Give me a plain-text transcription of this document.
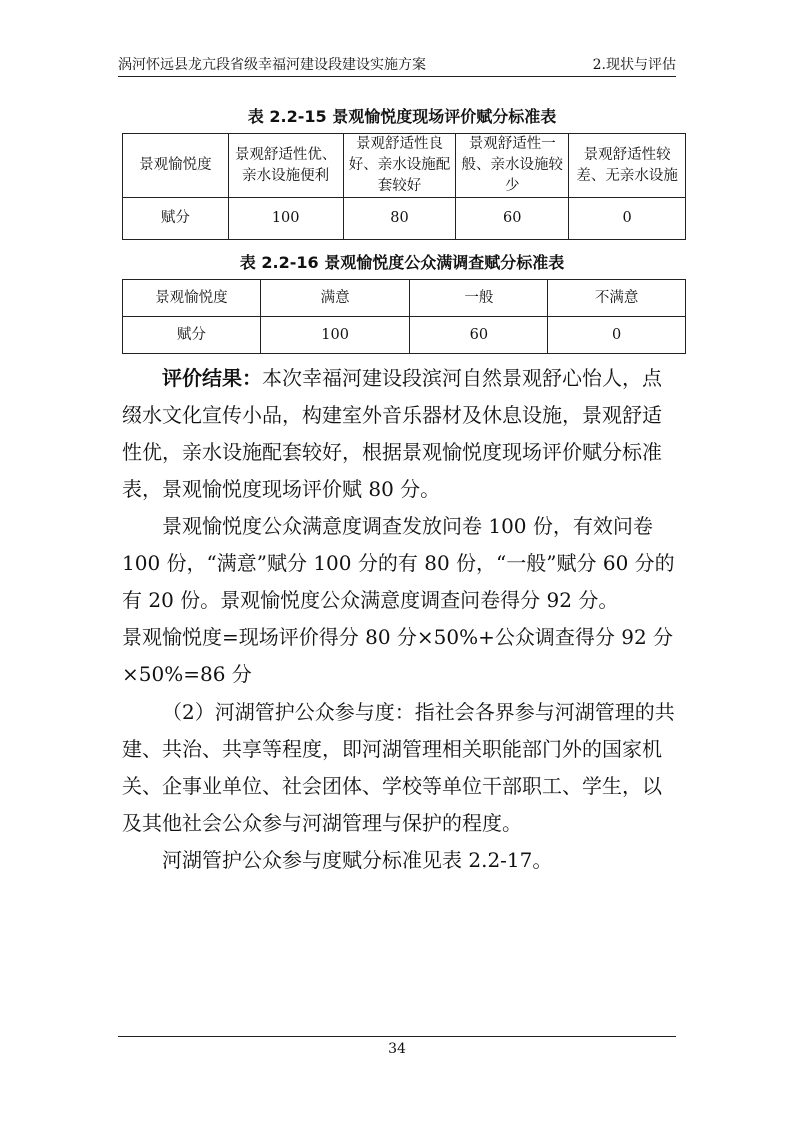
涡河怀远县龙亢段省级幸福河建设段建设实施方案	2.现状与评估
表 2.2-15 景观愉悦度现场评价赋分标准表
景观愉悦度	景观舒适性优、亲水设施便利	景观舒适性良好、亲水设施配套较好	景观舒适性一般、亲水设施较少	景观舒适性较差、无亲水设施
赋分	100	80	60	0
表 2.2-16 景观愉悦度公众满调查赋分标准表
景观愉悦度	满意	一般	不满意
赋分	100	60	0

评价结果：本次幸福河建设段滨河自然景观舒心怡人，点缀水文化宣传小品，构建室外音乐器材及休息设施，景观舒适性优，亲水设施配套较好，根据景观愉悦度现场评价赋分标准表，景观愉悦度现场评价赋 80 分。

景观愉悦度公众满意度调查发放问卷 100 份，有效问卷 100 份，“满意”赋分 100 分的有 80 份，“一般”赋分 60 分的有 20 份。景观愉悦度公众满意度调查问卷得分 92 分。

景观愉悦度=现场评价得分 80 分×50%+公众调查得分 92 分×50%=86 分

（2）河湖管护公众参与度：指社会各界参与河湖管理的共建、共治、共享等程度，即河湖管理相关职能部门外的国家机关、企事业单位、社会团体、学校等单位干部职工、学生，以及其他社会公众参与河湖管理与保护的程度。

河湖管护公众参与度赋分标准见表 2.2-17。

34
